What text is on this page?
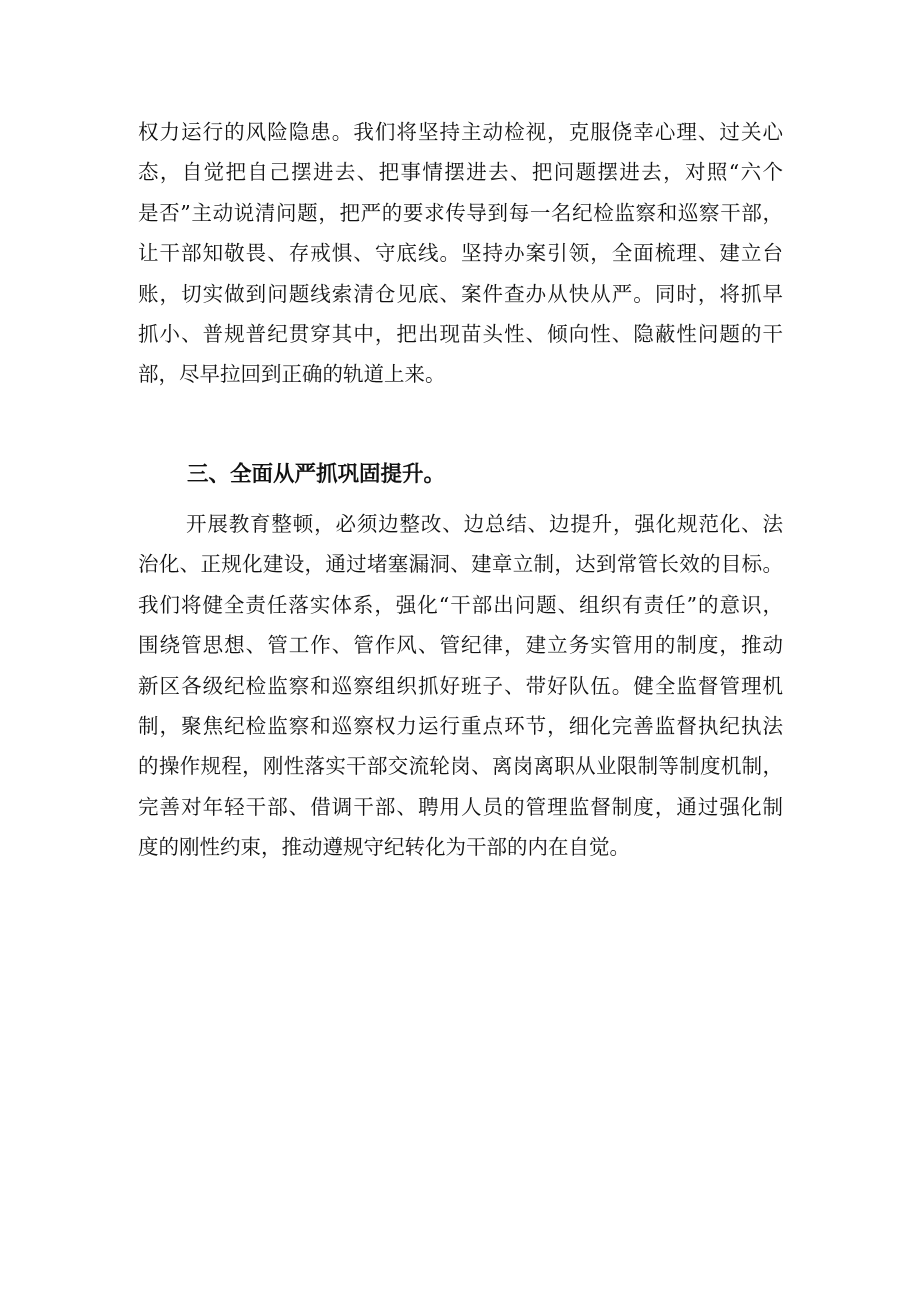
权力运行的风险隐患。我们将坚持主动检视，克服侥幸心理、过关心
态，自觉把自己摆进去、把事情摆进去、把问题摆进去，对照“六个
是否”主动说清问题，把严的要求传导到每一名纪检监察和巡察干部，
让干部知敬畏、存戒惧、守底线。坚持办案引领，全面梳理、建立台
账，切实做到问题线索清仓见底、案件查办从快从严。同时，将抓早
抓小、普规普纪贯穿其中，把出现苗头性、倾向性、隐蔽性问题的干
部，尽早拉回到正确的轨道上来。
三、全面从严抓巩固提升。
开展教育整顿，必须边整改、边总结、边提升，强化规范化、法
治化、正规化建设，通过堵塞漏洞、建章立制，达到常管长效的目标。
我们将健全责任落实体系，强化“干部出问题、组织有责任”的意识，
围绕管思想、管工作、管作风、管纪律，建立务实管用的制度，推动
新区各级纪检监察和巡察组织抓好班子、带好队伍。健全监督管理机
制，聚焦纪检监察和巡察权力运行重点环节，细化完善监督执纪执法
的操作规程，刚性落实干部交流轮岗、离岗离职从业限制等制度机制，
完善对年轻干部、借调干部、聘用人员的管理监督制度，通过强化制
度的刚性约束，推动遵规守纪转化为干部的内在自觉。
